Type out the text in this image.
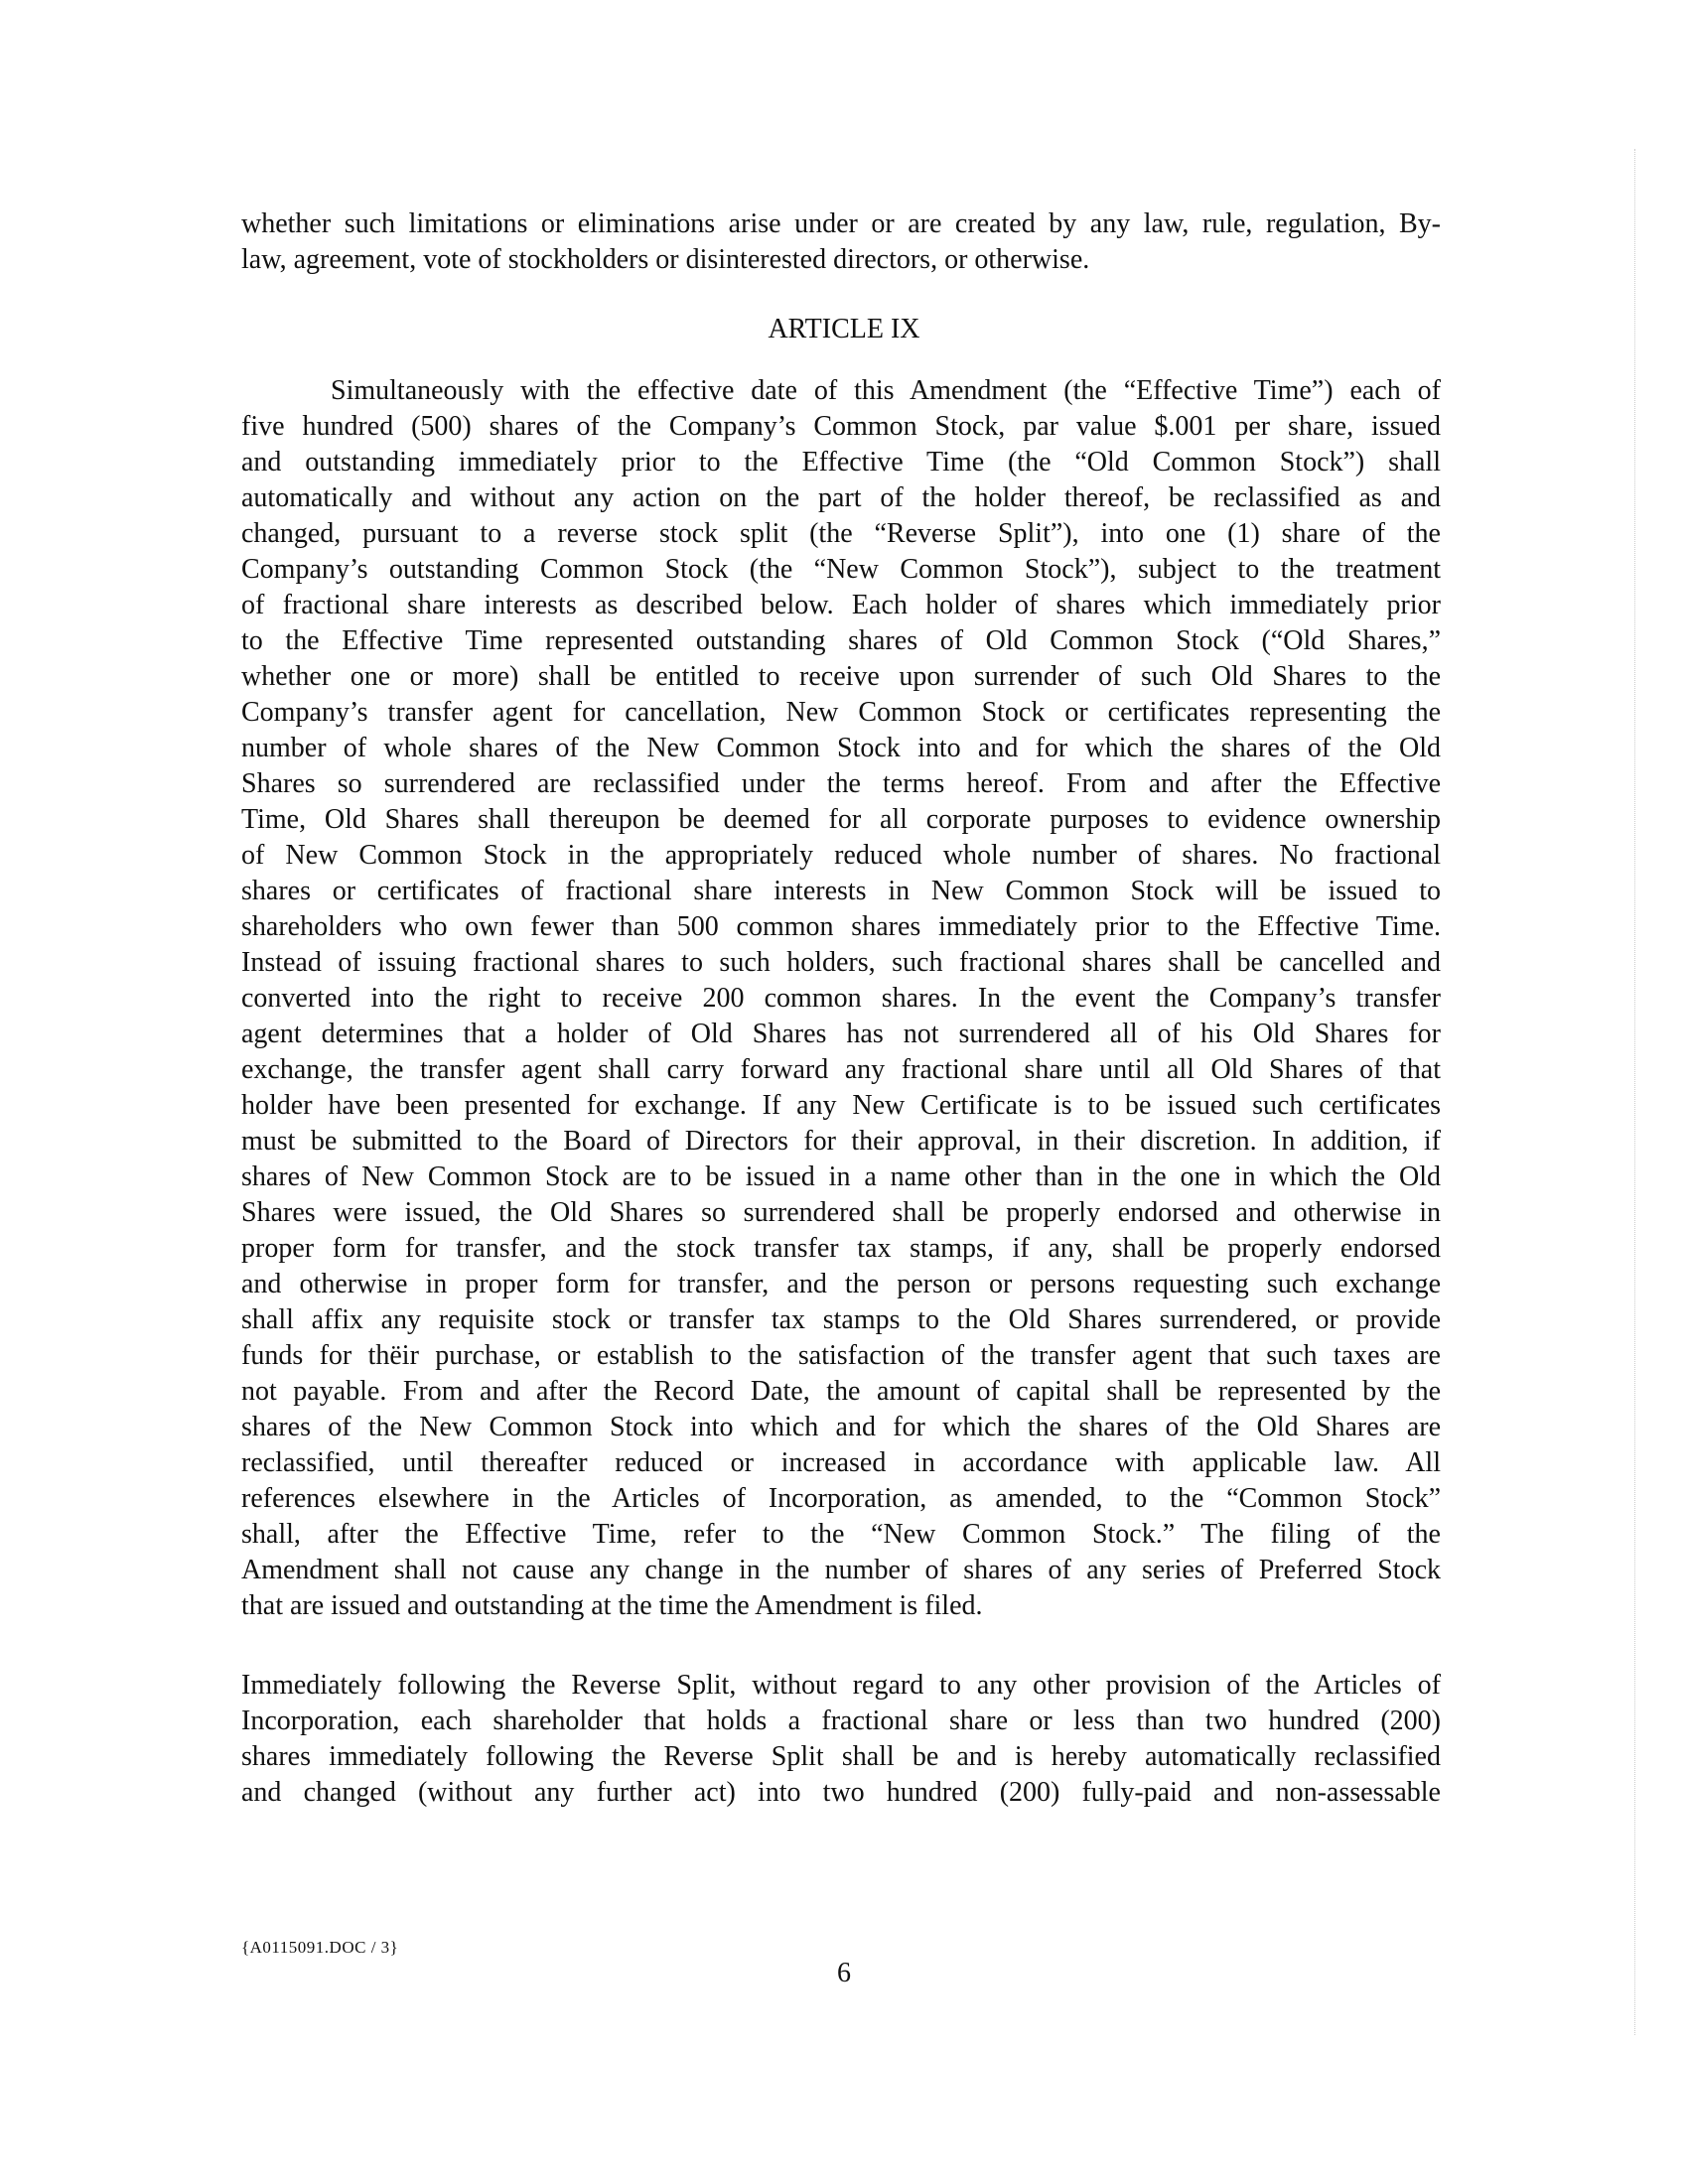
whether such limitations or eliminations arise under or are created by any law, rule, regulation, By-
law, agreement, vote of stockholders or disinterested directors, or otherwise.
ARTICLE IX
Simultaneously with the effective date of this Amendment (the “Effective Time”) each of
five hundred (500) shares of the Company’s Common Stock, par value $.001 per share, issued
and outstanding immediately prior to the Effective Time (the “Old Common Stock”) shall
automatically and without any action on the part of the holder thereof, be reclassified as and
changed, pursuant to a reverse stock split (the “Reverse Split”), into one (1) share of the
Company’s outstanding Common Stock (the “New Common Stock”), subject to the treatment
of fractional share interests as described below. Each holder of shares which immediately prior
to the Effective Time represented outstanding shares of Old Common Stock (“Old Shares,”
whether one or more) shall be entitled to receive upon surrender of such Old Shares to the
Company’s transfer agent for cancellation, New Common Stock or certificates representing the
number of whole shares of the New Common Stock into and for which the shares of the Old
Shares so surrendered are reclassified under the terms hereof. From and after the Effective
Time, Old Shares shall thereupon be deemed for all corporate purposes to evidence ownership
of New Common Stock in the appropriately reduced whole number of shares. No fractional
shares or certificates of fractional share interests in New Common Stock will be issued to
shareholders who own fewer than 500 common shares immediately prior to the Effective Time.
Instead of issuing fractional shares to such holders, such fractional shares shall be cancelled and
converted into the right to receive 200 common shares. In the event the Company’s transfer
agent determines that a holder of Old Shares has not surrendered all of his Old Shares for
exchange, the transfer agent shall carry forward any fractional share until all Old Shares of that
holder have been presented for exchange. If any New Certificate is to be issued such certificates
must be submitted to the Board of Directors for their approval, in their discretion. In addition, if
shares of New Common Stock are to be issued in a name other than in the one in which the Old
Shares were issued, the Old Shares so surrendered shall be properly endorsed and otherwise in
proper form for transfer, and the stock transfer tax stamps, if any, shall be properly endorsed
and otherwise in proper form for transfer, and the person or persons requesting such exchange
shall affix any requisite stock or transfer tax stamps to the Old Shares surrendered, or provide
funds for thëir purchase, or establish to the satisfaction of the transfer agent that such taxes are
not payable. From and after the Record Date, the amount of capital shall be represented by the
shares of the New Common Stock into which and for which the shares of the Old Shares are
reclassified, until thereafter reduced or increased in accordance with applicable law. All
references elsewhere in the Articles of Incorporation, as amended, to the “Common Stock”
shall, after the Effective Time, refer to the “New Common Stock.” The filing of the
Amendment shall not cause any change in the number of shares of any series of Preferred Stock
that are issued and outstanding at the time the Amendment is filed.
Immediately following the Reverse Split, without regard to any other provision of the Articles of
Incorporation, each shareholder that holds a fractional share or less than two hundred (200)
shares immediately following the Reverse Split shall be and is hereby automatically reclassified
and changed (without any further act) into two hundred (200) fully-paid and non-assessable
{A0115091.DOC / 3}
6
